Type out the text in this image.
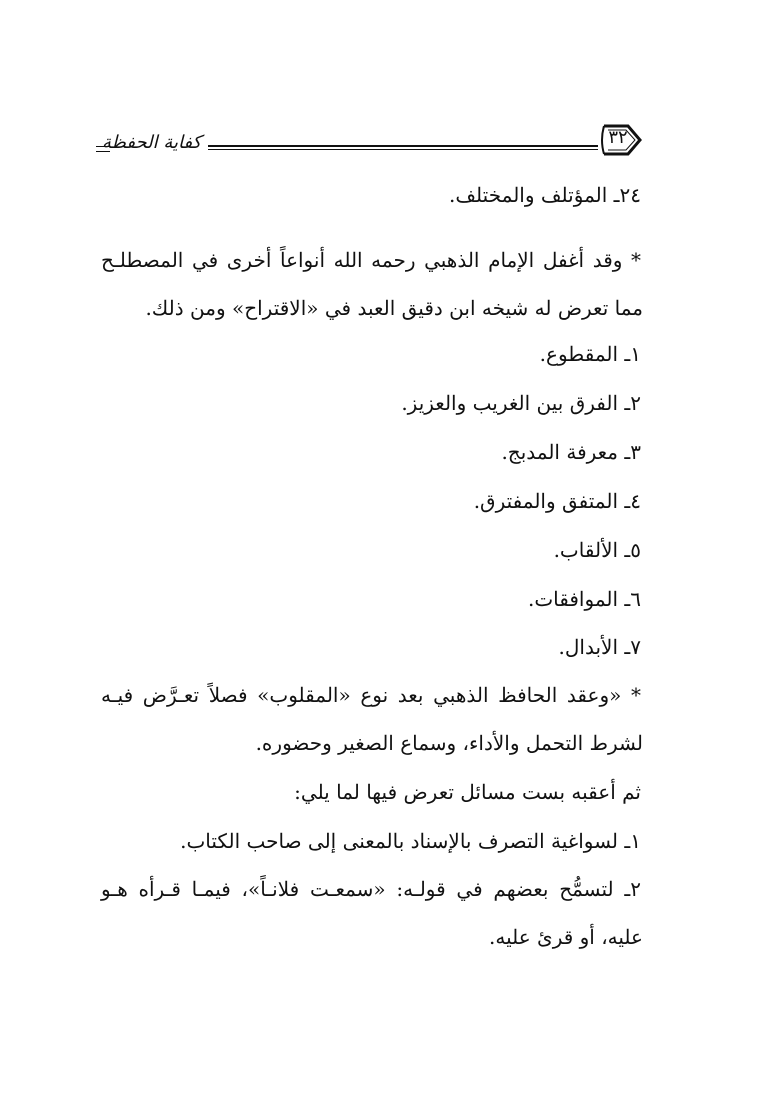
كفاية الحفظة	٣٢
٢٤ـ المؤتلف والمختلف.
* وقد أغفل الإمام الذهبي رحمه الله أنواعاً أخرى في المصطلـح
مما تعرض له شيخه ابن دقيق العبد في «الاقتراح» ومن ذلك.
١ـ المقطوع.
٢ـ الفرق بين الغريب والعزيز.
٣ـ معرفة المدبج.
٤ـ المتفق والمفترق.
٥ـ الألقاب.
٦ـ الموافقات.
٧ـ الأبدال.
* «وعقد الحافظ الذهبي بعد نوع «المقلوب» فصلاً تعـرَّض فيـه
لشرط التحمل والأداء، وسماع الصغير وحضوره.
ثم أعقبه بست مسائل تعرض فيها لما يلي:
١ـ لسواغية التصرف بالإسناد بالمعنى إلى صاحب الكتاب.
٢ـ لتسمُّح بعضهم في قولـه: «سمعـت فلانـاً»، فيمـا قـرأه هـو
عليه، أو قرئ عليه.
